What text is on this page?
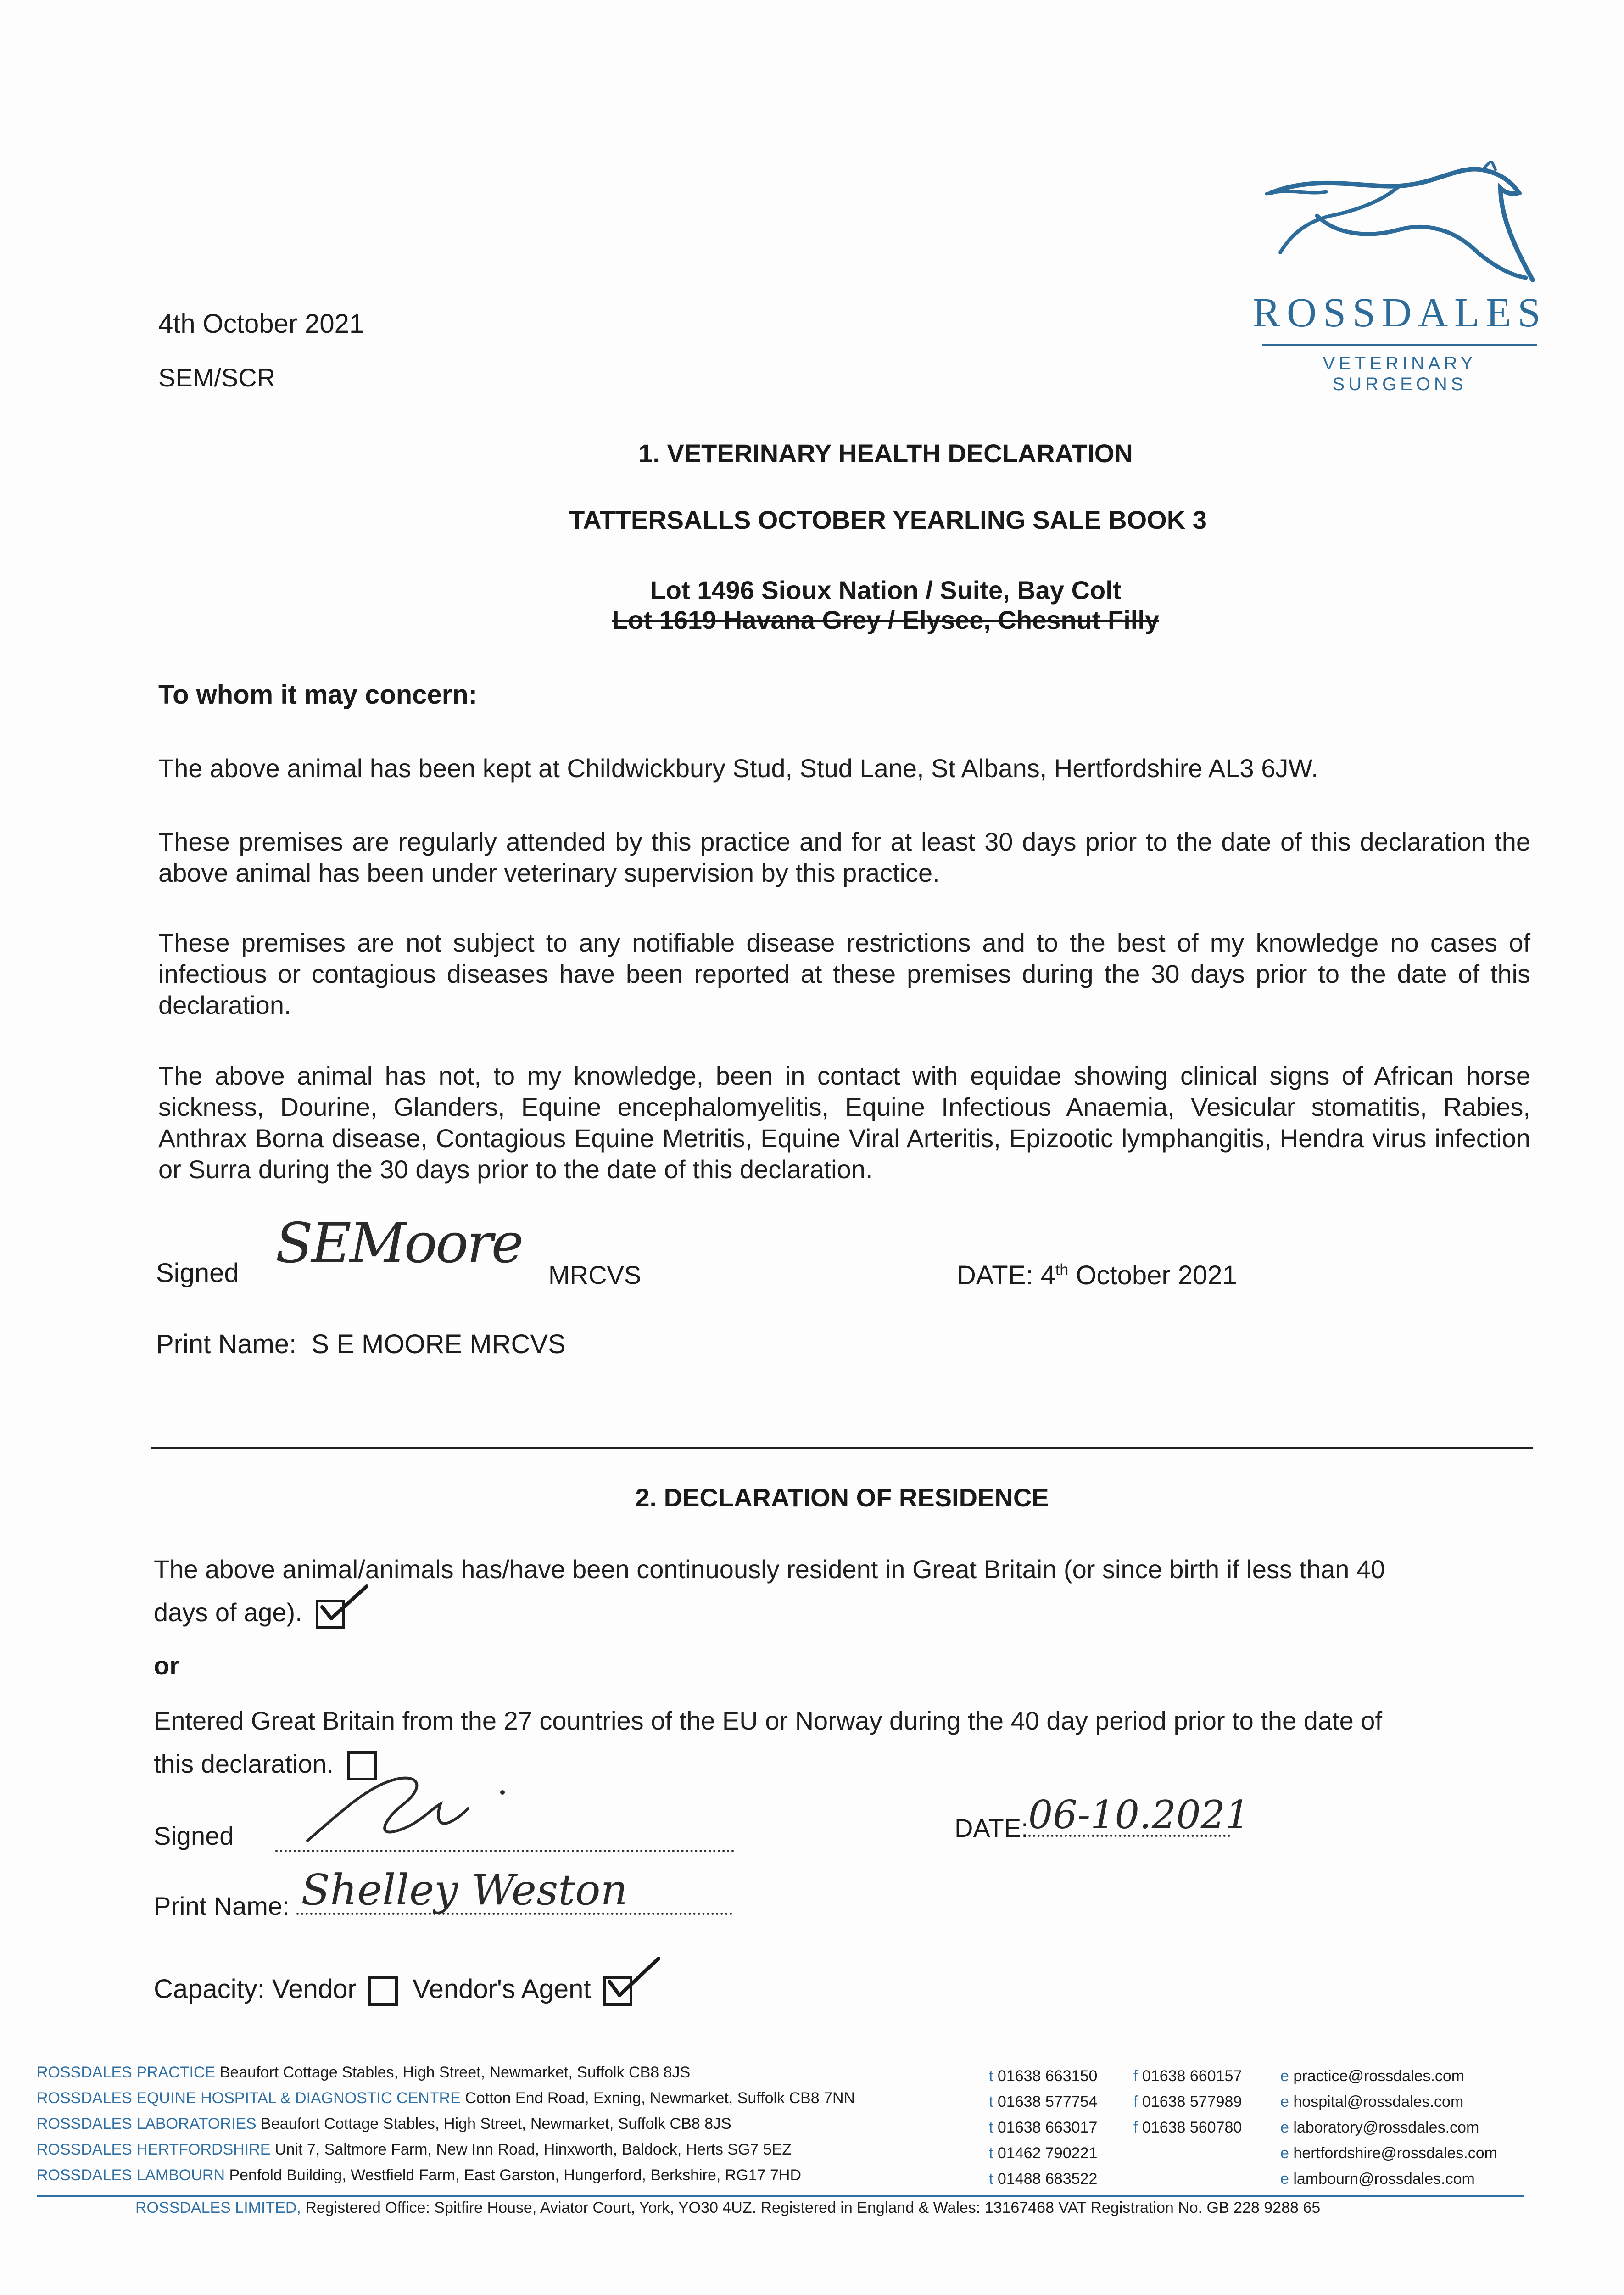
ROSSDALES
VETERINARY SURGEONS
4th October 2021
SEM/SCR
1. VETERINARY HEALTH DECLARATION
TATTERSALLS OCTOBER YEARLING SALE BOOK 3
Lot 1496 Sioux Nation / Suite, Bay Colt
Lot 1619 Havana Grey / Elysee, Chesnut Filly
To whom it may concern:
The above animal has been kept at Childwickbury Stud, Stud Lane, St Albans, Hertfordshire AL3 6JW.
These premises are regularly attended by this practice and for at least 30 days prior to the date of this declaration the above animal has been under veterinary supervision by this practice.
These premises are not subject to any notifiable disease restrictions and to the best of my knowledge no cases of infectious or contagious diseases have been reported at these premises during the 30 days prior to the date of this declaration.
The above animal has not, to my knowledge, been in contact with equidae showing clinical signs of African horse sickness, Dourine, Glanders, Equine encephalomyelitis, Equine Infectious Anaemia, Vesicular stomatitis, Rabies, Anthrax Borna disease, Contagious Equine Metritis, Equine Viral Arteritis, Epizootic lymphangitis, Hendra virus infection or Surra during the 30 days prior to the date of this declaration.
Signed SEMoore MRCVS	DATE: 4th October 2021
Print Name: S E MOORE MRCVS
2. DECLARATION OF RESIDENCE
The above animal/animals has/have been continuously resident in Great Britain (or since birth if less than 40
days of age).
or
Entered Great Britain from the 27 countries of the EU or Norway during the 40 day period prior to the date of
this declaration.
Signed	DATE: 06-10.2021
Print Name: Shelley Weston
Capacity: Vendor Vendor's Agent
ROSSDALES PRACTICE Beaufort Cottage Stables, High Street, Newmarket, Suffolk CB8 8JS	t 01638 663150 f 01638 660157 e practice@rossdales.com
ROSSDALES EQUINE HOSPITAL & DIAGNOSTIC CENTRE Cotton End Road, Exning, Newmarket, Suffolk CB8 7NN	t 01638 577754 f 01638 577989 e hospital@rossdales.com
ROSSDALES LABORATORIES Beaufort Cottage Stables, High Street, Newmarket, Suffolk CB8 8JS	t 01638 663017 f 01638 560780 e laboratory@rossdales.com
ROSSDALES HERTFORDSHIRE Unit 7, Saltmore Farm, New Inn Road, Hinxworth, Baldock, Herts SG7 5EZ	t 01462 790221	e hertfordshire@rossdales.com
ROSSDALES LAMBOURN Penfold Building, Westfield Farm, East Garston, Hungerford, Berkshire, RG17 7HD	t 01488 683522	e lambourn@rossdales.com
ROSSDALES LIMITED, Registered Office: Spitfire House, Aviator Court, York, YO30 4UZ. Registered in England & Wales: 13167468 VAT Registration No. GB 228 9288 65
